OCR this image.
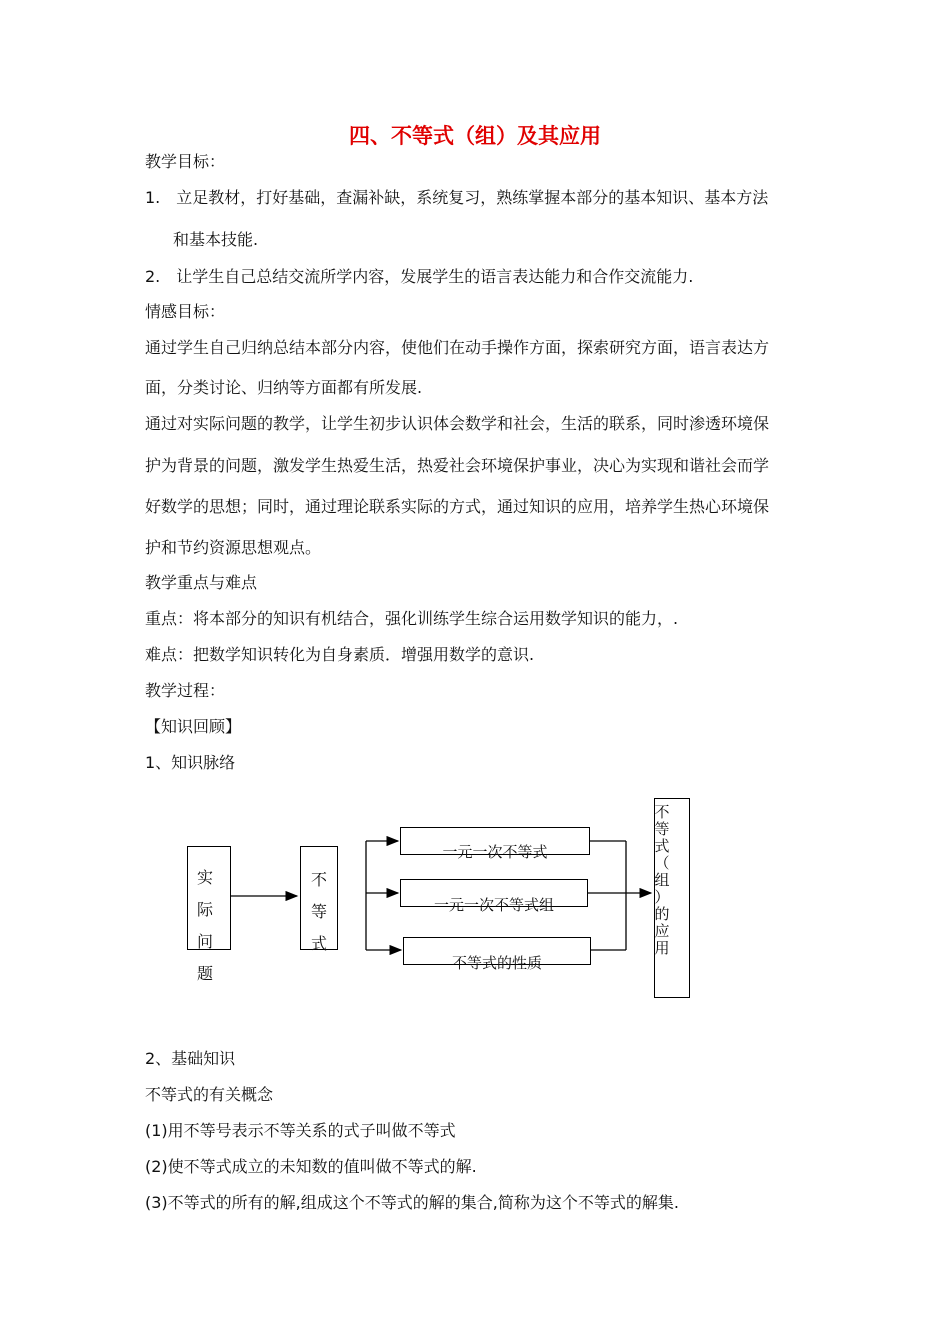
四、不等式（组）及其应用
教学目标：
1.　立足教材，打好基础，查漏补缺，系统复习，熟练掌握本部分的基本知识、基本方法
和基本技能.
2.　让学生自己总结交流所学内容，发展学生的语言表达能力和合作交流能力.
情感目标：
通过学生自己归纳总结本部分内容，使他们在动手操作方面，探索研究方面，语言表达方
面，分类讨论、归纳等方面都有所发展.
通过对实际问题的教学，让学生初步认识体会数学和社会，生活的联系，同时渗透环境保
护为背景的问题，激发学生热爱生活，热爱社会环境保护事业，决心为实现和谐社会而学
好数学的思想；同时，通过理论联系实际的方式，通过知识的应用，培养学生热心环境保
护和节约资源思想观点。
教学重点与难点
重点：将本部分的知识有机结合，强化训练学生综合运用数学知识的能力，.
难点：把数学知识转化为自身素质．增强用数学的意识.
教学过程：
【知识回顾】
1、知识脉络
实
际
问
题
不
等
式
一元一次不等式
一元一次不等式组
不等式的性质
不
等
式
（
组
）
的
应
用
2、基础知识
不等式的有关概念
(1)用不等号表示不等关系的式子叫做不等式
(2)使不等式成立的未知数的值叫做不等式的解.
(3)不等式的所有的解,组成这个不等式的解的集合,简称为这个不等式的解集.
